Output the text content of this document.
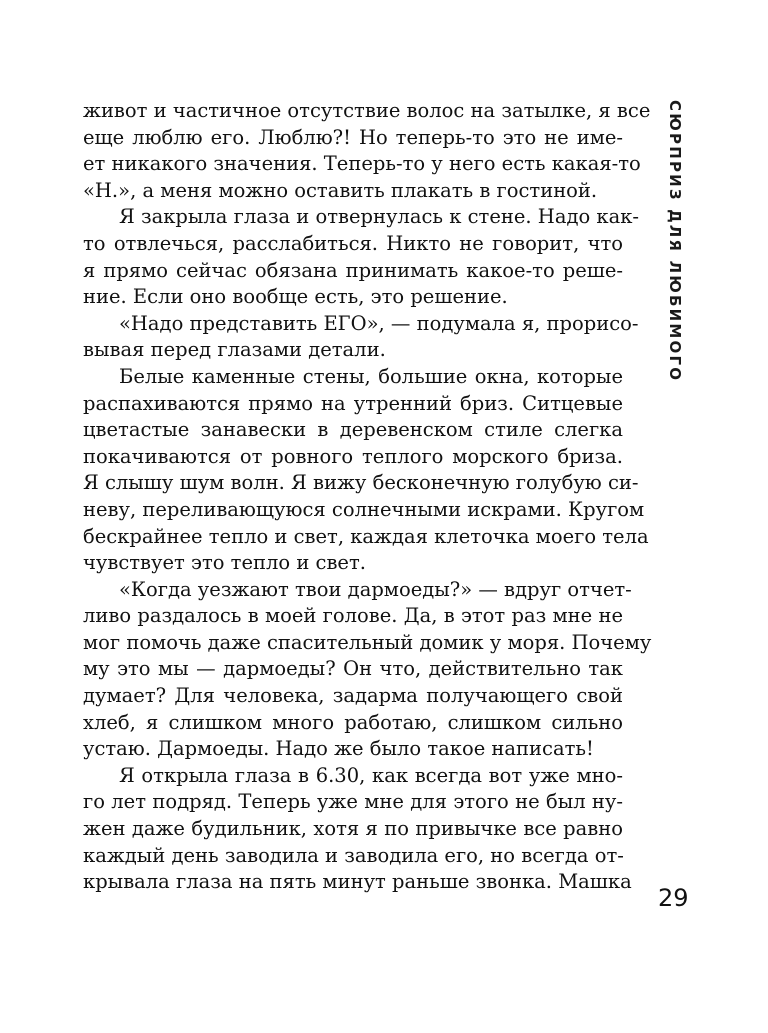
живот и частичное отсутствие волос на затылке, я все
еще люблю его. Люблю?! Но теперь-то это не име-
ет никакого значения. Теперь-то у него есть какая-то
«Н.», а меня можно оставить плакать в гостиной.
Я закрыла глаза и отвернулась к стене. Надо как-
то отвлечься, расслабиться. Никто не говорит, что
я прямо сейчас обязана принимать какое-то реше-
ние. Если оно вообще есть, это решение.
«Надо представить ЕГО», — подумала я, прорисо-
вывая перед глазами детали.
Белые каменные стены, большие окна, которые
распахиваются прямо на утренний бриз. Ситцевые
цветастые занавески в деревенском стиле слегка
покачиваются от ровного теплого морского бриза.
Я слышу шум волн. Я вижу бесконечную голубую си-
неву, переливающуюся солнечными искрами. Кругом
бескрайнее тепло и свет, каждая клеточка моего тела
чувствует это тепло и свет.
«Когда уезжают твои дармоеды?» — вдруг отчет-
ливо раздалось в моей голове. Да, в этот раз мне не
мог помочь даже спасительный домик у моря. Почему
му это мы — дармоеды? Он что, действительно так
думает? Для человека, задарма получающего свой
хлеб, я слишком много работаю, слишком сильно
устаю. Дармоеды. Надо же было такое написать!
Я открыла глаза в 6.30, как всегда вот уже мно-
го лет подряд. Теперь уже мне для этого не был ну-
жен даже будильник, хотя я по привычке все равно
каждый день заводила и заводила его, но всегда от-
крывала глаза на пять минут раньше звонка. Машка
СЮРПРИЗ ДЛЯ ЛЮБИМОГО
29
